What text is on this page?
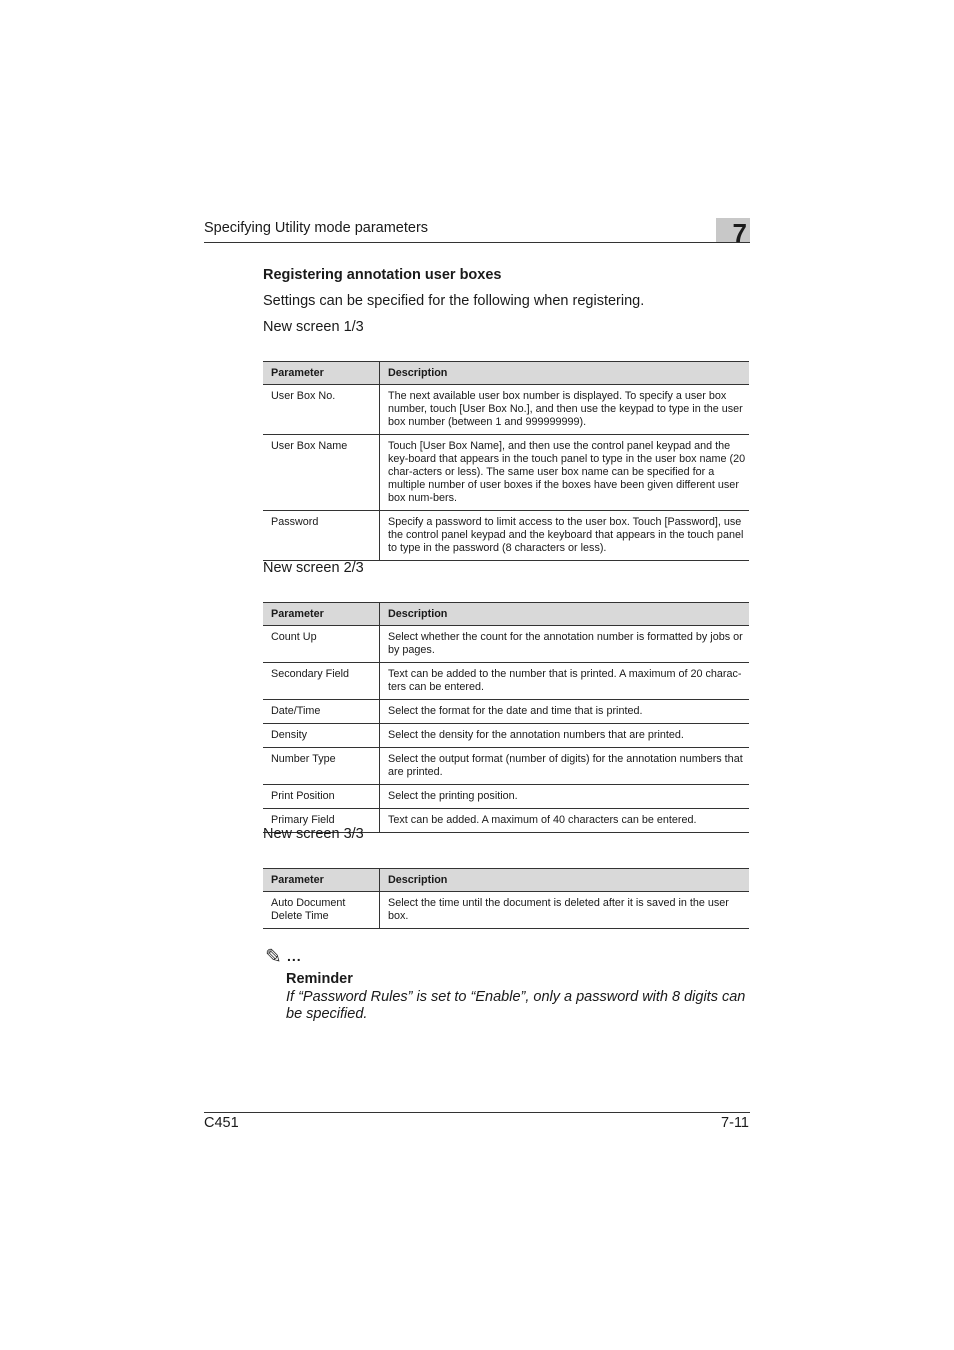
Specifying Utility mode parameters	7
Registering annotation user boxes
Settings can be specified for the following when registering.
New screen 1/3
Parameter	Description
User Box No.	The next available user box number is displayed. To specify a user box number, touch [User Box No.], and then use the keypad to type in the user box number (between 1 and 999999999).
User Box Name	Touch [User Box Name], and then use the control panel keypad and the key-board that appears in the touch panel to type in the user box name (20 char-acters or less). The same user box name can be specified for a multiple number of user boxes if the boxes have been given different user box num-bers.
Password	Specify a password to limit access to the user box. Touch [Password], use the control panel keypad and the keyboard that appears in the touch panel to type in the password (8 characters or less).
New screen 2/3
Parameter	Description
Count Up	Select whether the count for the annotation number is formatted by jobs or by pages.
Secondary Field	Text can be added to the number that is printed. A maximum of 20 charac-ters can be entered.
Date/Time	Select the format for the date and time that is printed.
Density	Select the density for the annotation numbers that are printed.
Number Type	Select the output format (number of digits) for the annotation numbers that are printed.
Print Position	Select the printing position.
Primary Field	Text can be added. A maximum of 40 characters can be entered.
New screen 3/3
Parameter	Description
Auto Document Delete Time	Select the time until the document is deleted after it is saved in the user box.
✎ ...
Reminder
If “Password Rules” is set to “Enable”, only a password with 8 digits can be specified.
C451	7-11
